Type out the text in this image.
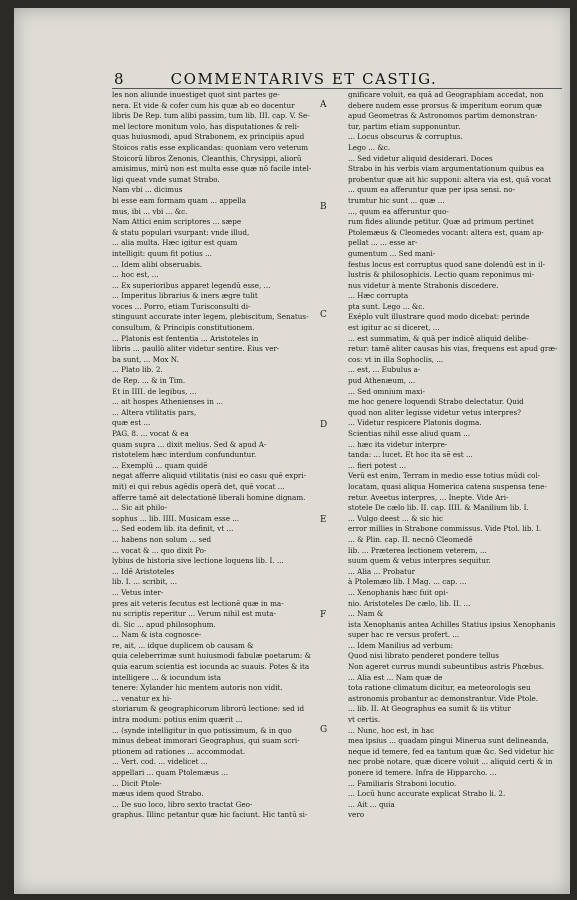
8	COMMENTARIVS ET CASTIG.

les non aliunde inuestiget quot sint partes ge-

nera. Et vide & cofer cum his quæ ab eo docentur

libris De Rep. tum alibi passim, tum lib. III. cap. V. Se-

mel lectore monitum volo, has disputationes & reli-

quas huiusmodi, apud Strabonem, ex principiis apud

Stoicos ratis esse explicandas: quoniam vero veterum

Stoicorū libros Zenonis, Cleanthis, Chrysippi, aliorū

amisimus, mirū non est multa esse quæ nō facile intel-

ligi queat vnde sumat Strabo.

Nam vbi ... dicimus

bi esse eam formam quam ... appella

mus, ibi ... vbi ... &c.

Nam Attici enim scriptores ... sæpe

& statu populari vsurpant: vnde illud,

... alia multa. Hæc igitur est quam

intelligit: quum fit potius ...

... Idem alibi obseruabis.

... hoc est, ...

... Ex superioribus apparet legendū esse, ...

... Imperitus librarius & iners ægre tulit

voces ... Porro, etiam Turisconsulti di-

stinguunt accurate inter legem, plebiscitum, Senatus-

consultum, & Principis constitutionem.

... Platonis est fententia ... Aristoteles in

libris ... paullò aliter videtur sentire. Eius ver-

ba sunt, ... Mox N.

... Plato lib. 2.

de Rep. ... & in Tim.

Et in IIII. de legibus, ...

... ait hospes Athenienses in ...

... Altera vtilitatis pars,

quæ est ...

PAG. 8. ... vocat & ea

quam supra ... dixit melius. Sed & apud A-

ristotelem hæc interdum confunduntur.

... Exemplū ... quam quidē

negat afferre aliquid vtilitatis (nisi eo casu quē expri-

mit) ei qui rebus agēdis operā det, quē vocat ...

afferre tamē ait delectationē liberali homine dignam.

... Sic ait philo-

sophus ... lib. IIII. Musicam esse ...

... Sed eodem lib. ita definit, vt ...

... habens non solum ... sed

... vocat & ... quo dixit Po-

lybius de historia sive lectione loquens lib. I. ...

... Idē Aristoteles

lib. I. ... scribit, ...

... Vetus inter-

pres ait veteris fecutus est lectionē quæ in ma-

nu scriptis reperitur ... Verum nihil est muta-

di. Sic ... apud philosophum.

... Nam & ista cognosce-

re, ait, ... idque duplicem ob causam &

quia celeberrimæ sunt huiusmodi fabulæ poetarum: &

quia earum scientia est iocunda ac suauis. Potes & ita

intelligere ... & iocundum ista

tenere: Xylander hic mentem autoris non vidit.

... venatur ex hi-

storiarum & geographicorum librorū lectione: sed id

intra modum: potius enim quærit ...

... (synde intelligitur in quo potissimum, & in quo

minus debeat immorari Geographus, qui suam scri-

ptionem ad rationes ... accommodat.

... Vert. cod. ... videlicet ...

appellari ... quam Ptolemæus ...

... Dicit Ptole-

mæus idem quod Strabo.

... De suo loco, libro sexto tractat Geo-

graphus. Illinc petantur quæ hic faciunt. Hic tantū si-

A
B
C
D
E
F
G

gnificare voluit, ea quā ad Geographiam accedat, non

debere nudem esse prorsus & imperitum eorum quæ

apud Geometras & Astronomos partim demonstran-

tur, partim etiam supponuntur.

... Locus obscurus & corruptus.

Lego ... &c.

... Sed videtur aliquid desiderari. Doces

Strabo in his verbis viam argumentationum quibus ea

probentur quæ ait hic supponi: altera via est, quā vocat

... quum ea afferuntur quæ per ipsa sensi. no-

trumtur hic sunt ... quæ ...

..., quum ea afferuntur quo-

rum fides aliunde petitur. Quæ ad primum pertinet

Ptolemæus & Cleomedes vocant: altera est, quam ap-

pellat ... ... esse ar-

gumentum ... Sed mani-

festus locus est corruptus quod sane dolendū est in il-

lustris & philosophicis. Lectio quam reponimus mi-

nus videtur à mente Strabonis discedere.

... Hæc corrupta

pta sunt. Lego ... &c.

Exéplo vult illustrare quod modo dicebat: perinde

est igitur ac si diceret, ...

... est summatim, & quā per indicē aliquid delibe-

retur: tamē aliter causas his vias, frequens est apud græ-

cos: vt in illa Sophoclis, ...

... est, ... Eubulus a-

pud Athenæum, ...

... Sed omnium maxi-

me hoc genere loquendi Strabo delectatur. Quid

quod non aliter legisse videtur vetus interpres?

... Videtur respicere Platonis dogma.

Scientias nihil esse aliud quam ...

... hæc ita videtur interpre-

tanda: ... lucet. Et hoc ita sē est ...

... fieri potest ...

Verū est enim, Terram in medio esse totius mūdi col-

locatam, quasi aliqua Homerica catena suspensa tene-

retur. Aveetus interpres, ... Inepte. Vide Ari-

stotele De cælo lib. II. cap. IIII. & Manilium lib. I.

... Vulgo deest ... & sic hic

error millies in Strabone commissus. Vide Ptol. lib. I.

... & Plin. cap. II. necnō Cleomedē

lib. ... Præterea lectionem veterem, ...

suum quem & vetus interpres sequitur.

... Alia ... Probatur

à Ptolemæo lib. I Mag. ... cap. ...

... Xenophanis hæc fuit opi-

nio. Aristoteles De cælo, lib. II. ...

... Nam &

ista Xenophanis antea Achilles Statius ipsius Xenophanis

super hac re versus profert. ...

... Idem Manilius ad verbum:

Quod nisi librato penderet pondere tellus

Non ageret currus mundi subeuntibus astris Phœbus.

... Alia est ... Nam quæ de

tota ratione climatum dicitur, ea meteorologis seu

astronomis probantur ac demonstrantur. Vide Ptole.

... lib. II. At Geographus ea sumit & iis vtitur

vt certis.

... Nunc, hoc est, in hac

mea ipsius ... quadam pingui Minerua sunt delineanda,

neque id temere, fed ea tantum quæ &c. Sed videtur hic

nec probè notare, quæ dicere voluit ... aliquid certi & in

ponere id temere. Infra de Hipparcho. ...

... Familiaris Straboni locutio.

... Locū hunc accurate explicat Strabo li. 2.

... Ait ... quia

vero
